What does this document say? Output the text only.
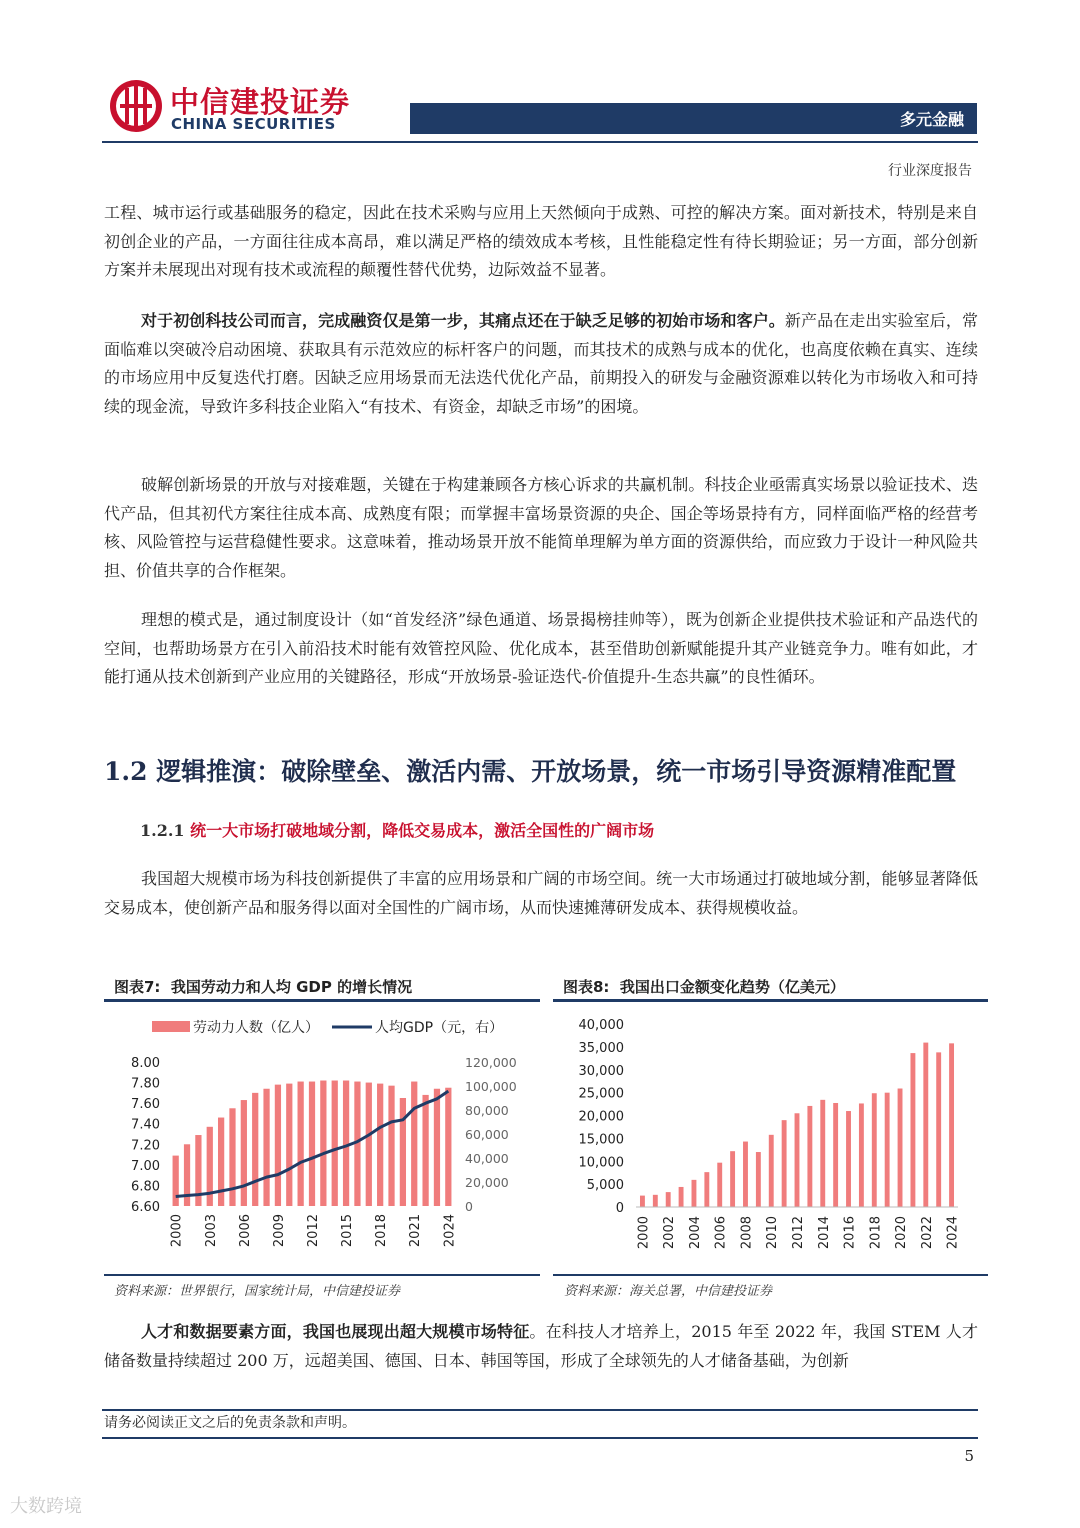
中信建投证券
CHINA SECURITIES	多元金融
行业深度报告
工程、城市运行或基础服务的稳定，因此在技术采购与应用上天然倾向于成熟、可控的解决方案。面对新技术，特别是来自初创企业的产品，一方面往往成本高昂，难以满足严格的绩效成本考核，且性能稳定性有待长期验证；另一方面，部分创新方案并未展现出对现有技术或流程的颠覆性替代优势，边际效益不显著。
对于初创科技公司而言，完成融资仅是第一步，其痛点还在于缺乏足够的初始市场和客户。新产品在走出实验室后，常面临难以突破冷启动困境、获取具有示范效应的标杆客户的问题，而其技术的成熟与成本的优化，也高度依赖在真实、连续的市场应用中反复迭代打磨。因缺乏应用场景而无法迭代优化产品，前期投入的研发与金融资源难以转化为市场收入和可持续的现金流，导致许多科技企业陷入“有技术、有资金，却缺乏市场”的困境。
破解创新场景的开放与对接难题，关键在于构建兼顾各方核心诉求的共赢机制。科技企业亟需真实场景以验证技术、迭代产品，但其初代方案往往成本高、成熟度有限；而掌握丰富场景资源的央企、国企等场景持有方，同样面临严格的经营考核、风险管控与运营稳健性要求。这意味着，推动场景开放不能简单理解为单方面的资源供给，而应致力于设计一种风险共担、价值共享的合作框架。
理想的模式是，通过制度设计（如“首发经济”绿色通道、场景揭榜挂帅等），既为创新企业提供技术验证和产品迭代的空间，也帮助场景方在引入前沿技术时能有效管控风险、优化成本，甚至借助创新赋能提升其产业链竞争力。唯有如此，才能打通从技术创新到产业应用的关键路径，形成“开放场景-验证迭代-价值提升-生态共赢”的良性循环。
1.2 逻辑推演：破除壁垒、激活内需、开放场景，统一市场引导资源精准配置
1.2.1 统一大市场打破地域分割，降低交易成本，激活全国性的广阔市场
我国超大规模市场为科技创新提供了丰富的应用场景和广阔的市场空间。统一大市场通过打破地域分割，能够显著降低交易成本，使创新产品和服务得以面对全国性的广阔市场，从而快速摊薄研发成本、获得规模收益。
图表7: 我国劳动力和人均 GDP 的增长情况
劳动力人数（亿人）	人均GDP（元，右）
8.00
7.80
7.60
7.40
7.20
7.00
6.80
6.60
120,000
100,000
80,000
60,000
40,000
20,000
0
2000 2003 2006 2009 2012 2015 2018 2021 2024
资料来源：世界银行，国家统计局，中信建投证券
图表8: 我国出口金额变化趋势（亿美元）
40,000
35,000
30,000
25,000
20,000
15,000
10,000
5,000
0
2000 2002 2004 2006 2008 2010 2012 2014 2016 2018 2020 2022 2024
资料来源：海关总署，中信建投证券
人才和数据要素方面，我国也展现出超大规模市场特征。在科技人才培养上，2015 年至 2022 年，我国 STEM 人才储备数量持续超过 200 万，远超美国、德国、日本、韩国等国，形成了全球领先的人才储备基础，为创新
请务必阅读正文之后的免责条款和声明。
5
大数跨境
